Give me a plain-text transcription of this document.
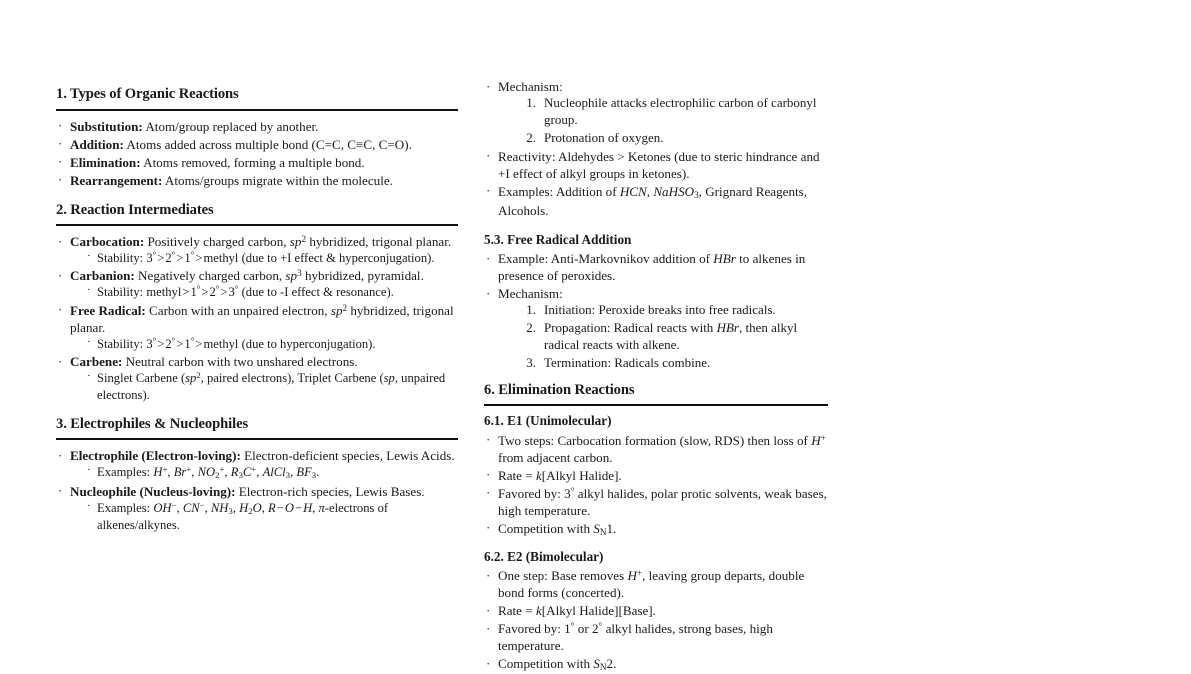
1. Types of Organic Reactions
· Substitution: Atom/group replaced by another.
· Addition: Atoms added across multiple bond (C=C, C≡C, C=O).
· Elimination: Atoms removed, forming a multiple bond.
· Rearrangement: Atoms/groups migrate within the molecule.
2. Reaction Intermediates
· Carbocation: Positively charged carbon, $sp^2$ hybridized, trigonal planar.
· Stability: 3°>2°>1°>methyl (due to +I effect & hyperconjugation).
· Carbanion: Negatively charged carbon, $sp^3$ hybridized, pyramidal.
· Stability: methyl>1°>2°>3° (due to -I effect & resonance).
· Free Radical: Carbon with an unpaired electron, $sp^2$ hybridized, trigonal planar.
· Stability: 3°>2°>1°>methyl (due to hyperconjugation).
· Carbene: Neutral carbon with two unshared electrons.
· Singlet Carbene ($sp^2$, paired electrons), Triplet Carbene (sp, unpaired electrons).
3. Electrophiles & Nucleophiles
· Electrophile (Electron-loving): Electron-deficient species, Lewis Acids.
· Examples: H+, Br+, $NO_2^+$, $R_3C^+$, AlCl$_3$, $BF_3$.
· Nucleophile (Nucleus-loving): Electron-rich species, Lewis Bases.
· Examples: OH−, CN−, $NH_3$, $H_2O$, R−O−H, π-electrons of alkenes/alkynes.
· Mechanism:
1. Nucleophile attacks electrophilic carbon of carbonyl group.
2. Protonation of oxygen.
· Reactivity: Aldehydes > Ketones (due to steric hindrance and +I effect of alkyl groups in ketones).
· Examples: Addition of HCN, NaHSO$_3$, Grignard Reagents, Alcohols.
5.3. Free Radical Addition
· Example: Anti-Markovnikov addition of HBr to alkenes in presence of peroxides.
· Mechanism:
1. Initiation: Peroxide breaks into free radicals.
2. Propagation: Radical reacts with HBr, then alkyl radical reacts with alkene.
3. Termination: Radicals combine.
6. Elimination Reactions
6.1. E1 (Unimolecular)
· Two steps: Carbocation formation (slow, RDS) then loss of H+ from adjacent carbon.
· Rate = k[Alkyl Halide].
· Favored by: 3° alkyl halides, polar protic solvents, weak bases, high temperature.
· Competition with $S_N1$.
6.2. E2 (Bimolecular)
· One step: Base removes H+, leaving group departs, double bond forms (concerted).
· Rate = k[Alkyl Halide][Base].
· Favored by: 1° or 2° alkyl halides, strong bases, high temperature.
· Competition with $S_N2$.
